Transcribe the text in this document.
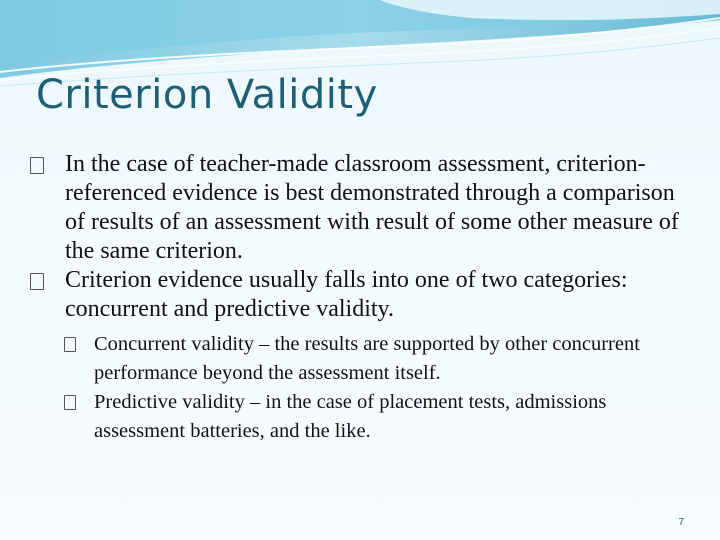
Criterion Validity
In the case of teacher-made classroom assessment, criterion-referenced evidence is best demonstrated through a comparison of results of an assessment with result of some other measure of the same criterion.
Criterion evidence usually falls into one of two categories: concurrent and predictive validity.
Concurrent validity – the results are supported by other concurrent performance beyond the assessment itself.
Predictive validity – in the case of placement tests, admissions assessment batteries, and the like.
7
